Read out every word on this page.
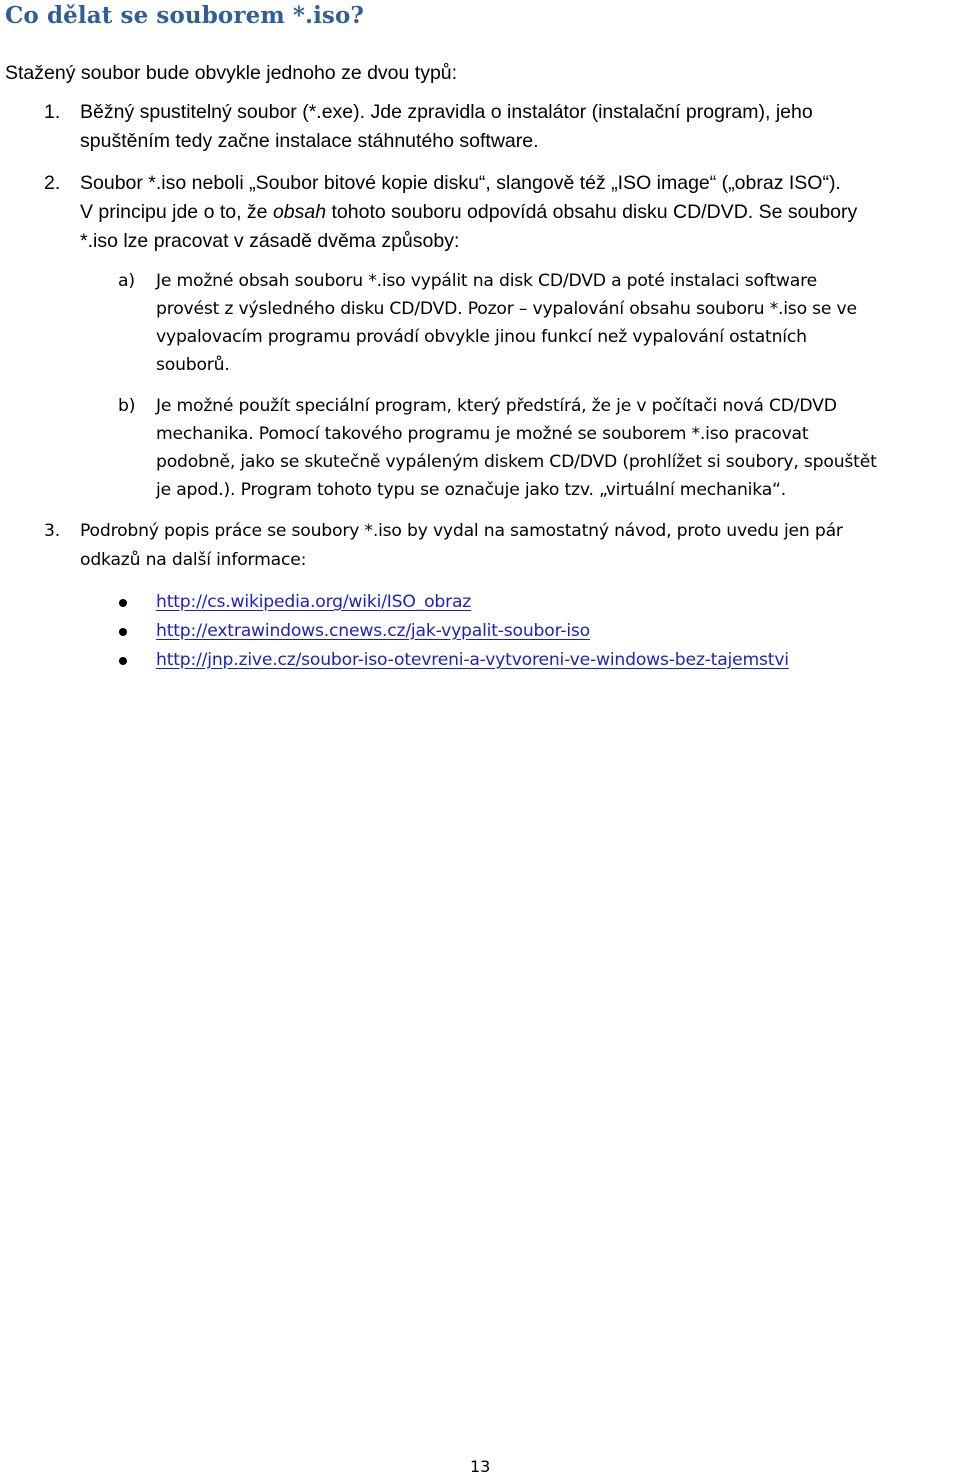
Co dělat se souborem *.iso?

Stažený soubor bude obvykle jednoho ze dvou typů:

1. Běžný spustitelný soubor (*.exe). Jde zpravidla o instalátor (instalační program), jeho

spuštěním tedy začne instalace stáhnutého software.

2. Soubor *.iso neboli „Soubor bitové kopie disku“, slangově též „ISO image“ („obraz ISO“).

V principu jde o to, že obsah tohoto souboru odpovídá obsahu disku CD/DVD. Se soubory

*.iso lze pracovat v zásadě dvěma způsoby:

a) Je možné obsah souboru *.iso vypálit na disk CD/DVD a poté instalaci software

provést z výsledného disku CD/DVD. Pozor – vypalování obsahu souboru *.iso se ve

vypalovacím programu provádí obvykle jinou funkcí než vypalování ostatních

souborů.

b) Je možné použít speciální program, který předstírá, že je v počítači nová CD/DVD

mechanika. Pomocí takového programu je možné se souborem *.iso pracovat

podobně, jako se skutečně vypáleným diskem CD/DVD (prohlížet si soubory, spouštět

je apod.). Program tohoto typu se označuje jako tzv. „virtuální mechanika“.

3. Podrobný popis práce se soubory *.iso by vydal na samostatný návod, proto uvedu jen pár

odkazů na další informace:

http://cs.wikipedia.org/wiki/ISO_obraz
http://extrawindows.cnews.cz/jak-vypalit-soubor-iso
http://jnp.zive.cz/soubor-iso-otevreni-a-vytvoreni-ve-windows-bez-tajemstvi

13
